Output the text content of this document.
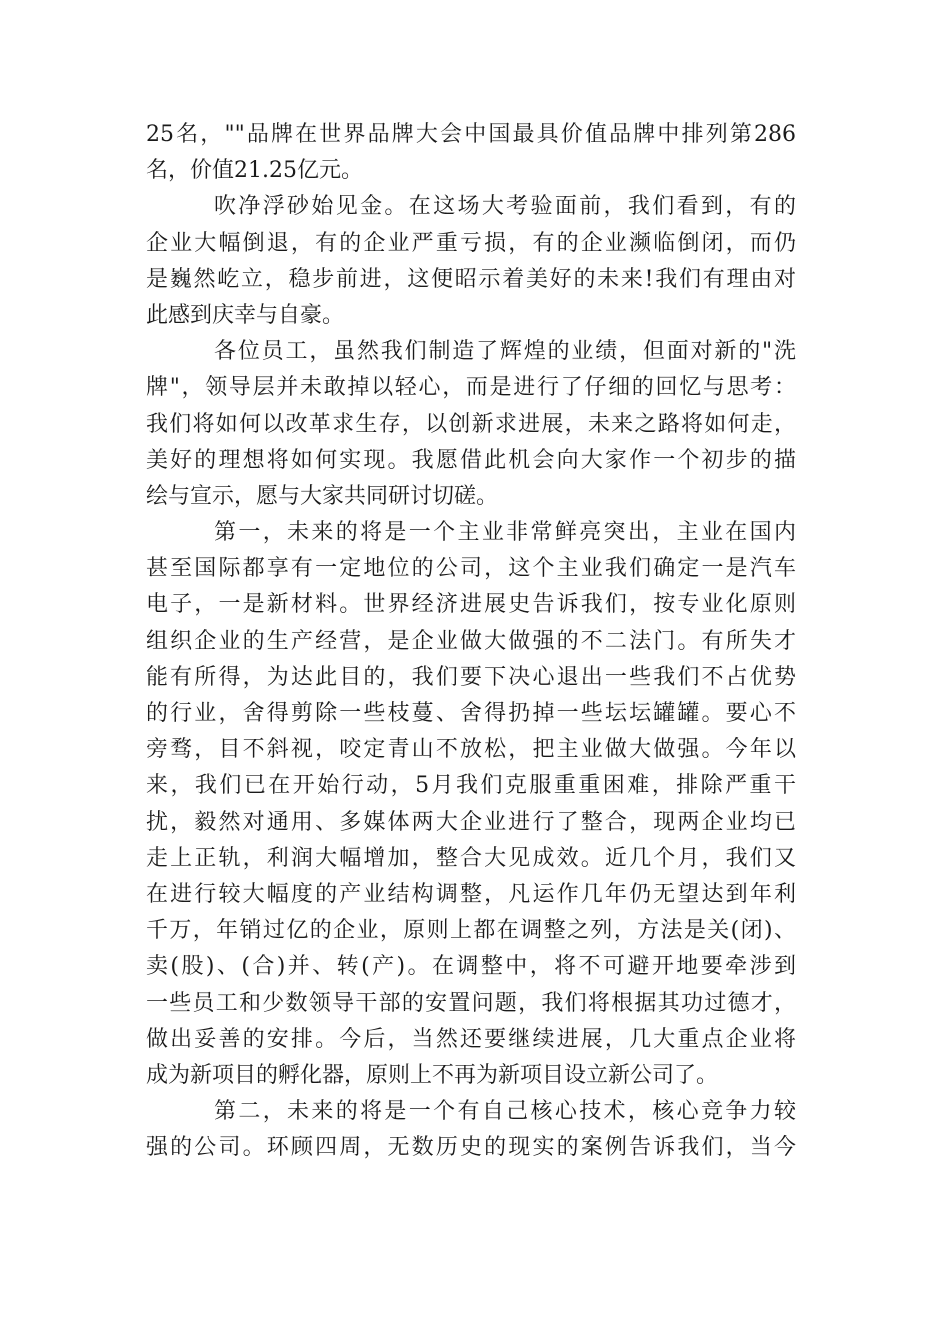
25名，""品牌在世界品牌大会中国最具价值品牌中排列第286
名，价值21.25亿元。
吹净浮砂始见金。在这场大考验面前，我们看到，有的
企业大幅倒退，有的企业严重亏损，有的企业濒临倒闭，而仍
是巍然屹立，稳步前进，这便昭示着美好的未来!我们有理由对
此感到庆幸与自豪。
各位员工，虽然我们制造了辉煌的业绩，但面对新的"洗
牌"，领导层并未敢掉以轻心，而是进行了仔细的回忆与思考：
我们将如何以改革求生存，以创新求进展，未来之路将如何走，
美好的理想将如何实现。我愿借此机会向大家作一个初步的描
绘与宣示，愿与大家共同研讨切磋。
第一，未来的将是一个主业非常鲜亮突出，主业在国内
甚至国际都享有一定地位的公司，这个主业我们确定一是汽车
电子，一是新材料。世界经济进展史告诉我们，按专业化原则
组织企业的生产经营，是企业做大做强的不二法门。有所失才
能有所得，为达此目的，我们要下决心退出一些我们不占优势
的行业，舍得剪除一些枝蔓、舍得扔掉一些坛坛罐罐。要心不
旁骛，目不斜视，咬定青山不放松，把主业做大做强。今年以
来，我们已在开始行动，5月我们克服重重困难，排除严重干
扰，毅然对通用、多媒体两大企业进行了整合，现两企业均已
走上正轨，利润大幅增加，整合大见成效。近几个月，我们又
在进行较大幅度的产业结构调整，凡运作几年仍无望达到年利
千万，年销过亿的企业，原则上都在调整之列，方法是关(闭)、
卖(股)、(合)并、转(产)。在调整中，将不可避开地要牵涉到
一些员工和少数领导干部的安置问题，我们将根据其功过德才，
做出妥善的安排。今后，当然还要继续进展，几大重点企业将
成为新项目的孵化器，原则上不再为新项目设立新公司了。
第二，未来的将是一个有自己核心技术，核心竞争力较
强的公司。环顾四周，无数历史的现实的案例告诉我们，当今
